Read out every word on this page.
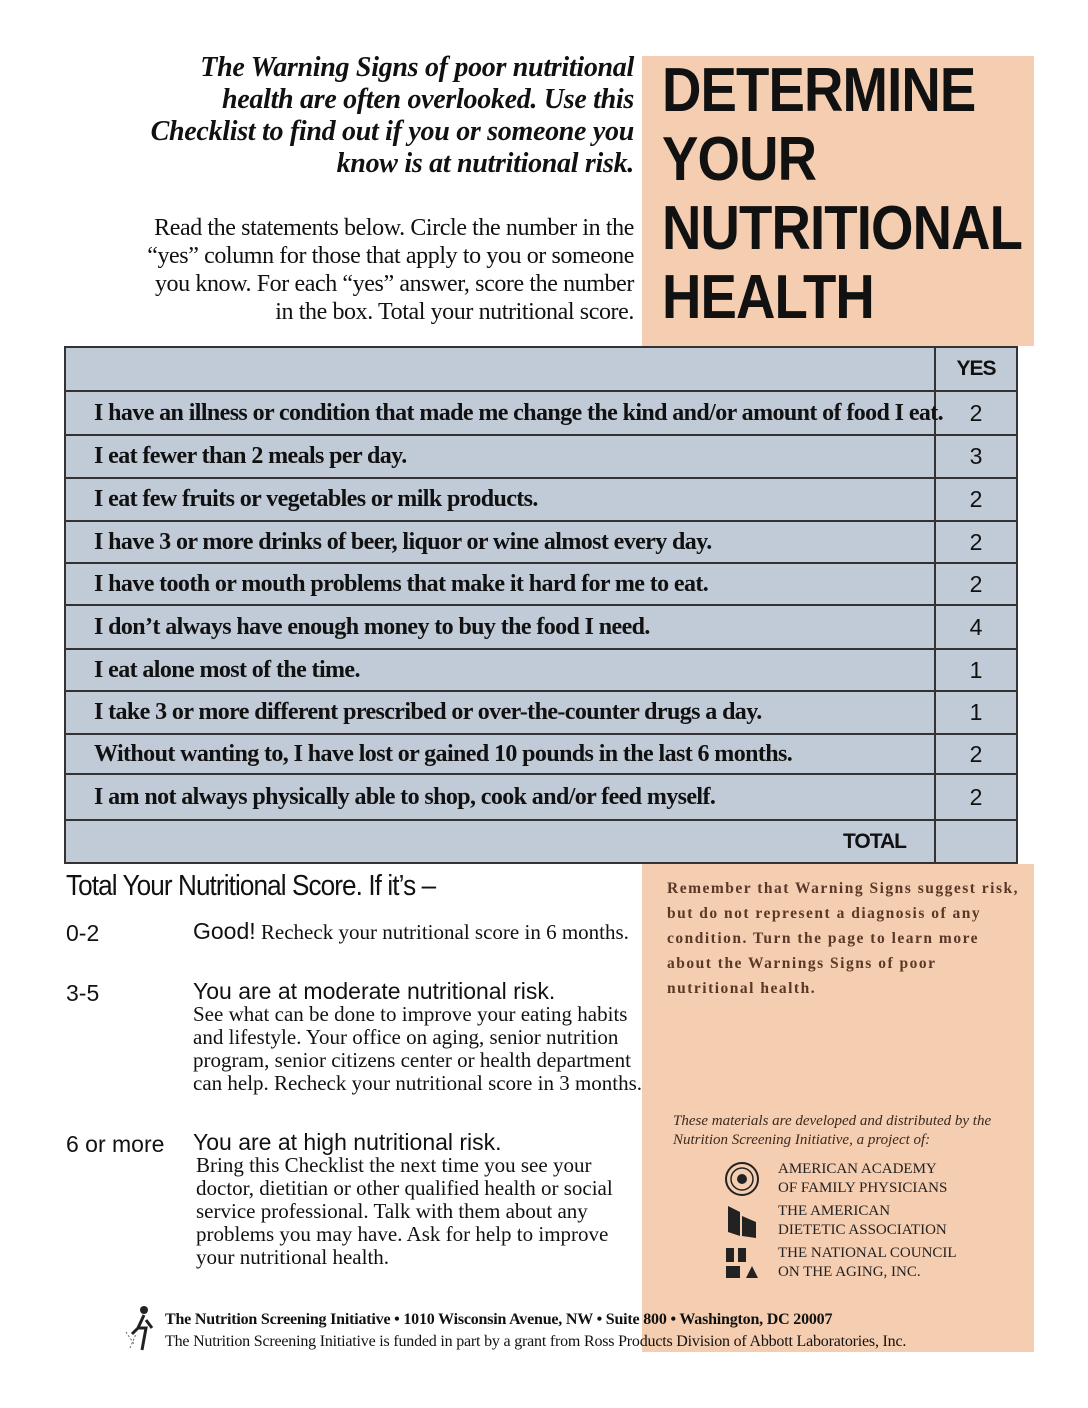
The Warning Signs of poor nutritional
health are often overlooked. Use this
Checklist to find out if you or someone you
know is at nutritional risk.
Read the statements below. Circle the number in the
“yes” column for those that apply to you or someone
you know. For each “yes” answer, score the number
in the box. Total your nutritional score.
DETERMINE
YOUR
NUTRITIONAL
HEALTH
YES
I have an illness or condition that made me change the kind and/or amount of food I eat.	2
I eat fewer than 2 meals per day.	3
I eat few fruits or vegetables or milk products.	2
I have 3 or more drinks of beer, liquor or wine almost every day.	2
I have tooth or mouth problems that make it hard for me to eat.	2
I don’t always have enough money to buy the food I need.	4
I eat alone most of the time.	1
I take 3 or more different prescribed or over-the-counter drugs a day.	1
Without wanting to, I have lost or gained 10 pounds in the last 6 months.	2
I am not always physically able to shop, cook and/or feed myself.	2
TOTAL
Total Your Nutritional Score. If it’s –
0-2	Good! Recheck your nutritional score in 6 months.
3-5	You are at moderate nutritional risk.
See what can be done to improve your eating habits and lifestyle. Your office on aging, senior nutrition program, senior citizens center or health department can help. Recheck your nutritional score in 3 months.
6 or more You are at high nutritional risk.
Bring this Checklist the next time you see your doctor, dietitian or other qualified health or social service professional. Talk with them about any problems you may have. Ask for help to improve your nutritional health.
Remember that Warning Signs suggest risk, but do not represent a diagnosis of any condition. Turn the page to learn more about the Warnings Signs of poor nutritional health.
These materials are developed and distributed by the Nutrition Screening Initiative, a project of:
AMERICAN ACADEMY
OF FAMILY PHYSICIANS
THE AMERICAN
DIETETIC ASSOCIATION
THE NATIONAL COUNCIL
ON THE AGING, INC.
The Nutrition Screening Initiative • 1010 Wisconsin Avenue, NW • Suite 800 • Washington, DC 20007
The Nutrition Screening Initiative is funded in part by a grant from Ross Products Division of Abbott Laboratories, Inc.
